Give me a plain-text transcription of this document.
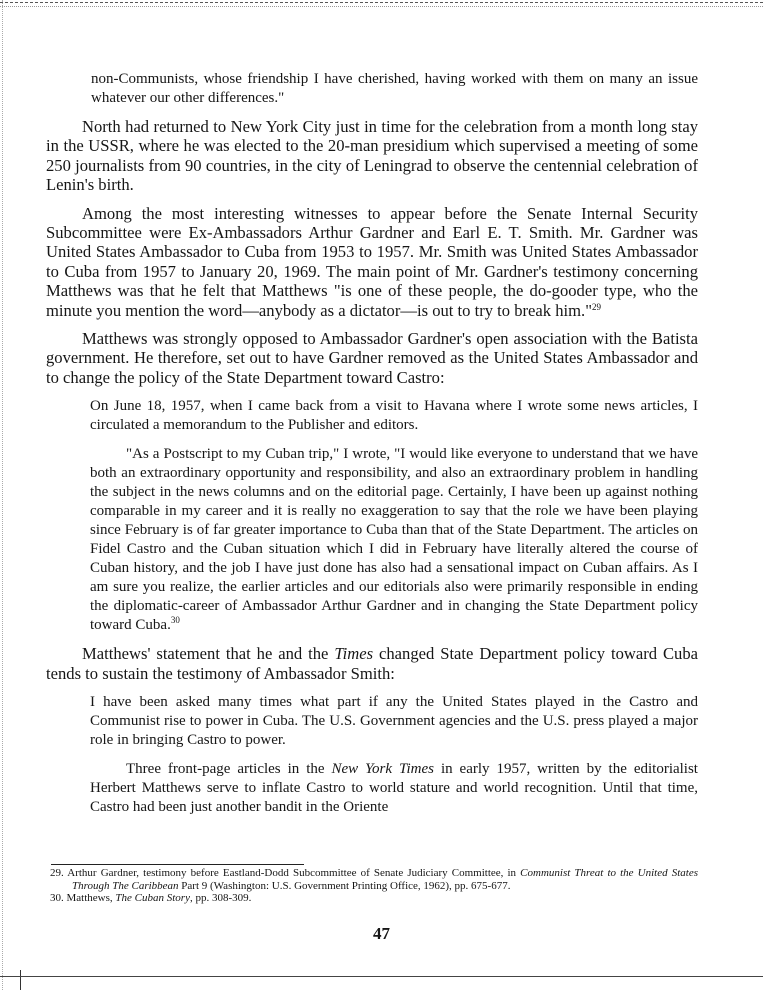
non-Communists, whose friendship I have cherished, having worked with them on many an issue whatever our other differences."

North had returned to New York City just in time for the celebration from a month long stay in the USSR, where he was elected to the 20-man presidium which supervised a meeting of some 250 journalists from 90 countries, in the city of Leningrad to observe the centennial celebration of Lenin's birth.

Among the most interesting witnesses to appear before the Senate Internal Security Subcommittee were Ex-Ambassadors Arthur Gardner and Earl E. T. Smith. Mr. Gardner was United States Ambassador to Cuba from 1953 to 1957. Mr. Smith was United States Ambassador to Cuba from 1957 to January 20, 1969. The main point of Mr. Gardner's testimony concerning Matthews was that he felt that Matthews "is one of these people, the do-gooder type, who the minute you mention the word—anybody as a dictator—is out to try to break him."$^{29}$

Matthews was strongly opposed to Ambassador Gardner's open association with the Batista government. He therefore, set out to have Gardner removed as the United States Ambassador and to change the policy of the State Department toward Castro:

On June 18, 1957, when I came back from a visit to Havana where I wrote some news articles, I circulated a memorandum to the Publisher and editors.

"As a Postscript to my Cuban trip," I wrote, "I would like everyone to understand that we have both an extraordinary opportunity and responsibility, and also an extraordinary problem in handling the subject in the news columns and on the editorial page. Certainly, I have been up against nothing comparable in my career and it is really no exaggeration to say that the role we have been playing since February is of far greater importance to Cuba than that of the State Department. The articles on Fidel Castro and the Cuban situation which I did in February have literally altered the course of Cuban history, and the job I have just done has also had a sensational impact on Cuban affairs. As I am sure you realize, the earlier articles and our editorials also were primarily responsible in ending the diplomatic-career of Ambassador Arthur Gardner and in changing the State Department policy toward Cuba.$^{30}$

Matthews' statement that he and the Times changed State Department policy toward Cuba tends to sustain the testimony of Ambassador Smith:

I have been asked many times what part if any the United States played in the Castro and Communist rise to power in Cuba. The U.S. Government agencies and the U.S. press played a major role in bringing Castro to power.

Three front-page articles in the New York Times in early 1957, written by the editorialist Herbert Matthews serve to inflate Castro to world stature and world recognition. Until that time, Castro had been just another bandit in the Oriente

29. Arthur Gardner, testimony before Eastland-Dodd Subcommittee of Senate Judiciary Committee, in Communist Threat to the United States Through The Caribbean Part 9 (Washington: U.S. Government Printing Office, 1962), pp. 675-677.

30. Matthews, The Cuban Story, pp. 308-309.

47
